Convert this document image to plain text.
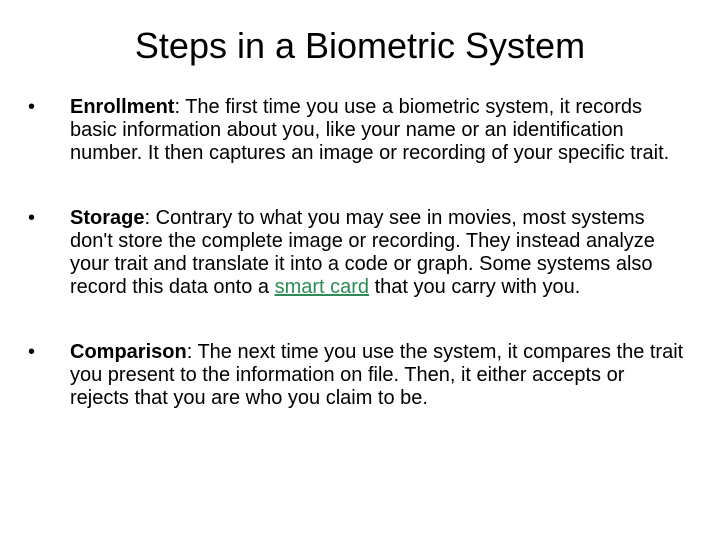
Steps in a Biometric System
•	Enrollment: The first time you use a biometric system, it records basic information about you, like your name or an identification number. It then captures an image or recording of your specific trait.
•	Storage: Contrary to what you may see in movies, most systems don't store the complete image or recording. They instead analyze your trait and translate it into a code or graph. Some systems also record this data onto a smart card that you carry with you.
•	Comparison: The next time you use the system, it compares the trait you present to the information on file. Then, it either accepts or rejects that you are who you claim to be.
